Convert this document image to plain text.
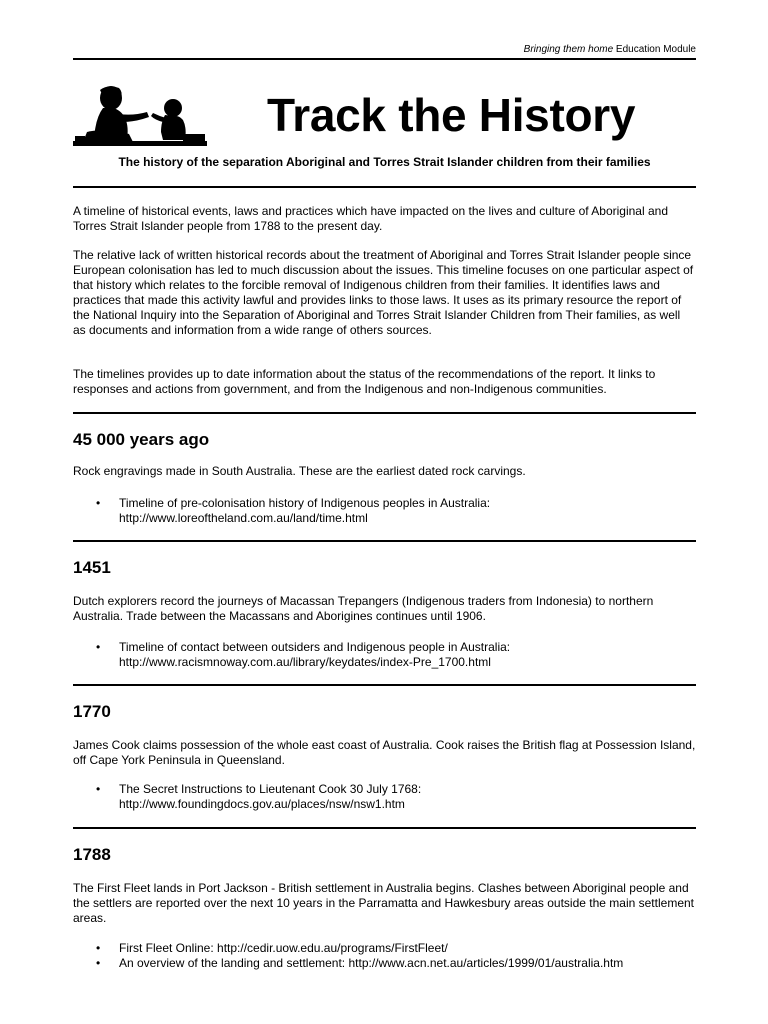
Bringing them home Education Module
Track the History
The history of the separation Aboriginal and Torres Strait Islander children from their families

A timeline of historical events, laws and practices which have impacted on the lives and culture of Aboriginal and Torres Strait Islander people from 1788 to the present day.

The relative lack of written historical records about the treatment of Aboriginal and Torres Strait Islander people since European colonisation has led to much discussion about the issues. This timeline focuses on one particular aspect of that history which relates to the forcible removal of Indigenous children from their families. It identifies laws and practices that made this activity lawful and provides links to those laws. It uses as its primary resource the report of the National Inquiry into the Separation of Aboriginal and Torres Strait Islander Children from Their families, as well as documents and information from a wide range of others sources.

The timelines provides up to date information about the status of the recommendations of the report. It links to responses and actions from government, and from the Indigenous and non-Indigenous communities.

45 000 years ago

Rock engravings made in South Australia. These are the earliest dated rock carvings.

• Timeline of pre-colonisation history of Indigenous peoples in Australia:
http://www.loreoftheland.com.au/land/time.html
1451

Dutch explorers record the journeys of Macassan Trepangers (Indigenous traders from Indonesia) to northern Australia. Trade between the Macassans and Aborigines continues until 1906.

• Timeline of contact between outsiders and Indigenous people in Australia:
http://www.racismnoway.com.au/library/keydates/index-Pre_1700.html
1770

James Cook claims possession of the whole east coast of Australia. Cook raises the British flag at Possession Island, off Cape York Peninsula in Queensland.

• The Secret Instructions to Lieutenant Cook 30 July 1768:
http://www.foundingdocs.gov.au/places/nsw/nsw1.htm
1788

The First Fleet lands in Port Jackson - British settlement in Australia begins. Clashes between Aboriginal people and the settlers are reported over the next 10 years in the Parramatta and Hawkesbury areas outside the main settlement areas.

• First Fleet Online: http://cedir.uow.edu.au/programs/FirstFleet/
• An overview of the landing and settlement: http://www.acn.net.au/articles/1999/01/australia.htm
